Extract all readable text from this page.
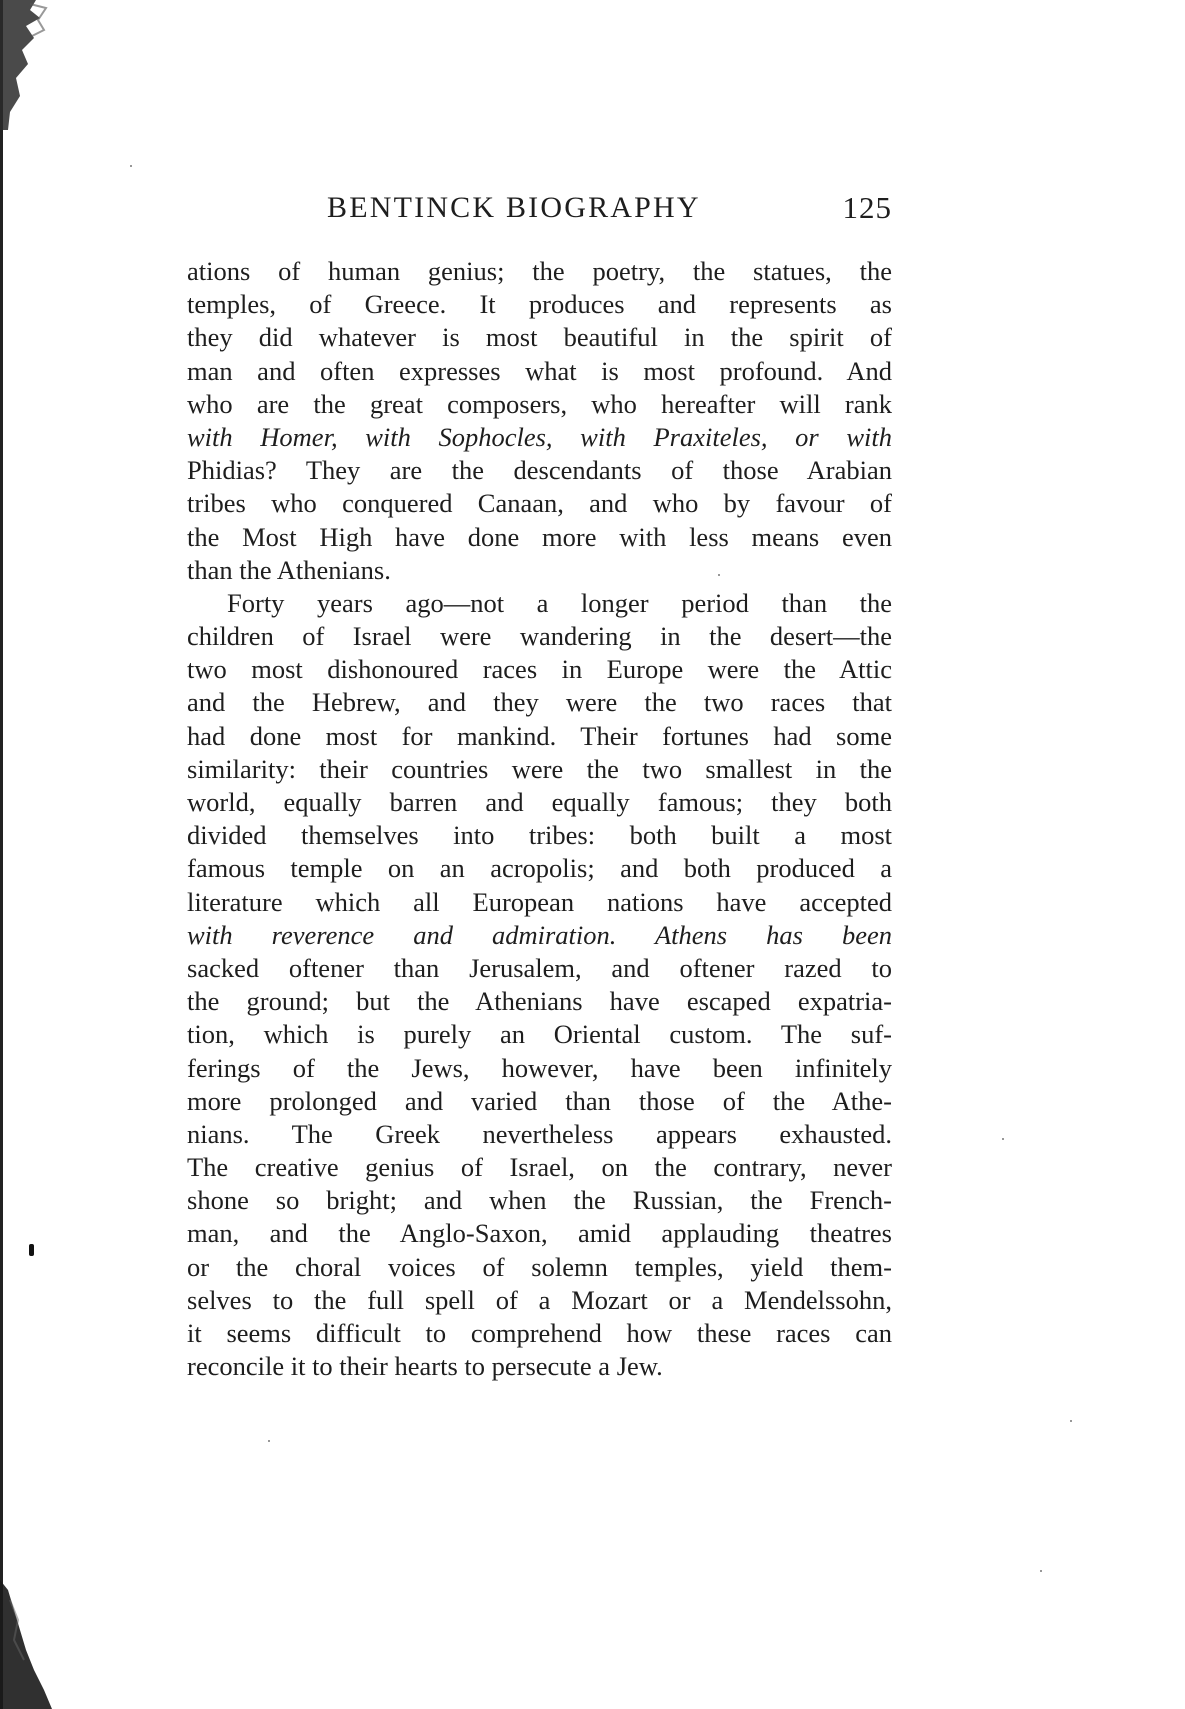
BENTINCK BIOGRAPHY	125
ations of human genius; the poetry, the statues, the
temples, of Greece. It produces and represents as
they did whatever is most beautiful in the spirit of
man and often expresses what is most profound. And
who are the great composers, who hereafter will rank
with Homer, with Sophocles, with Praxiteles, or with
Phidias? They are the descendants of those Arabian
tribes who conquered Canaan, and who by favour of
the Most High have done more with less means even
than the Athenians.
Forty years ago—not a longer period than the
children of Israel were wandering in the desert—the
two most dishonoured races in Europe were the Attic
and the Hebrew, and they were the two races that
had done most for mankind. Their fortunes had some
similarity: their countries were the two smallest in the
world, equally barren and equally famous; they both
divided themselves into tribes: both built a most
famous temple on an acropolis; and both produced a
literature which all European nations have accepted
with reverence and admiration. Athens has been
sacked oftener than Jerusalem, and oftener razed to
the ground; but the Athenians have escaped expatria-
tion, which is purely an Oriental custom. The suf-
ferings of the Jews, however, have been infinitely
more prolonged and varied than those of the Athe-
nians. The Greek nevertheless appears exhausted.
The creative genius of Israel, on the contrary, never
shone so bright; and when the Russian, the French-
man, and the Anglo-Saxon, amid applauding theatres
or the choral voices of solemn temples, yield them-
selves to the full spell of a Mozart or a Mendelssohn,
it seems difficult to comprehend how these races can
reconcile it to their hearts to persecute a Jew.
